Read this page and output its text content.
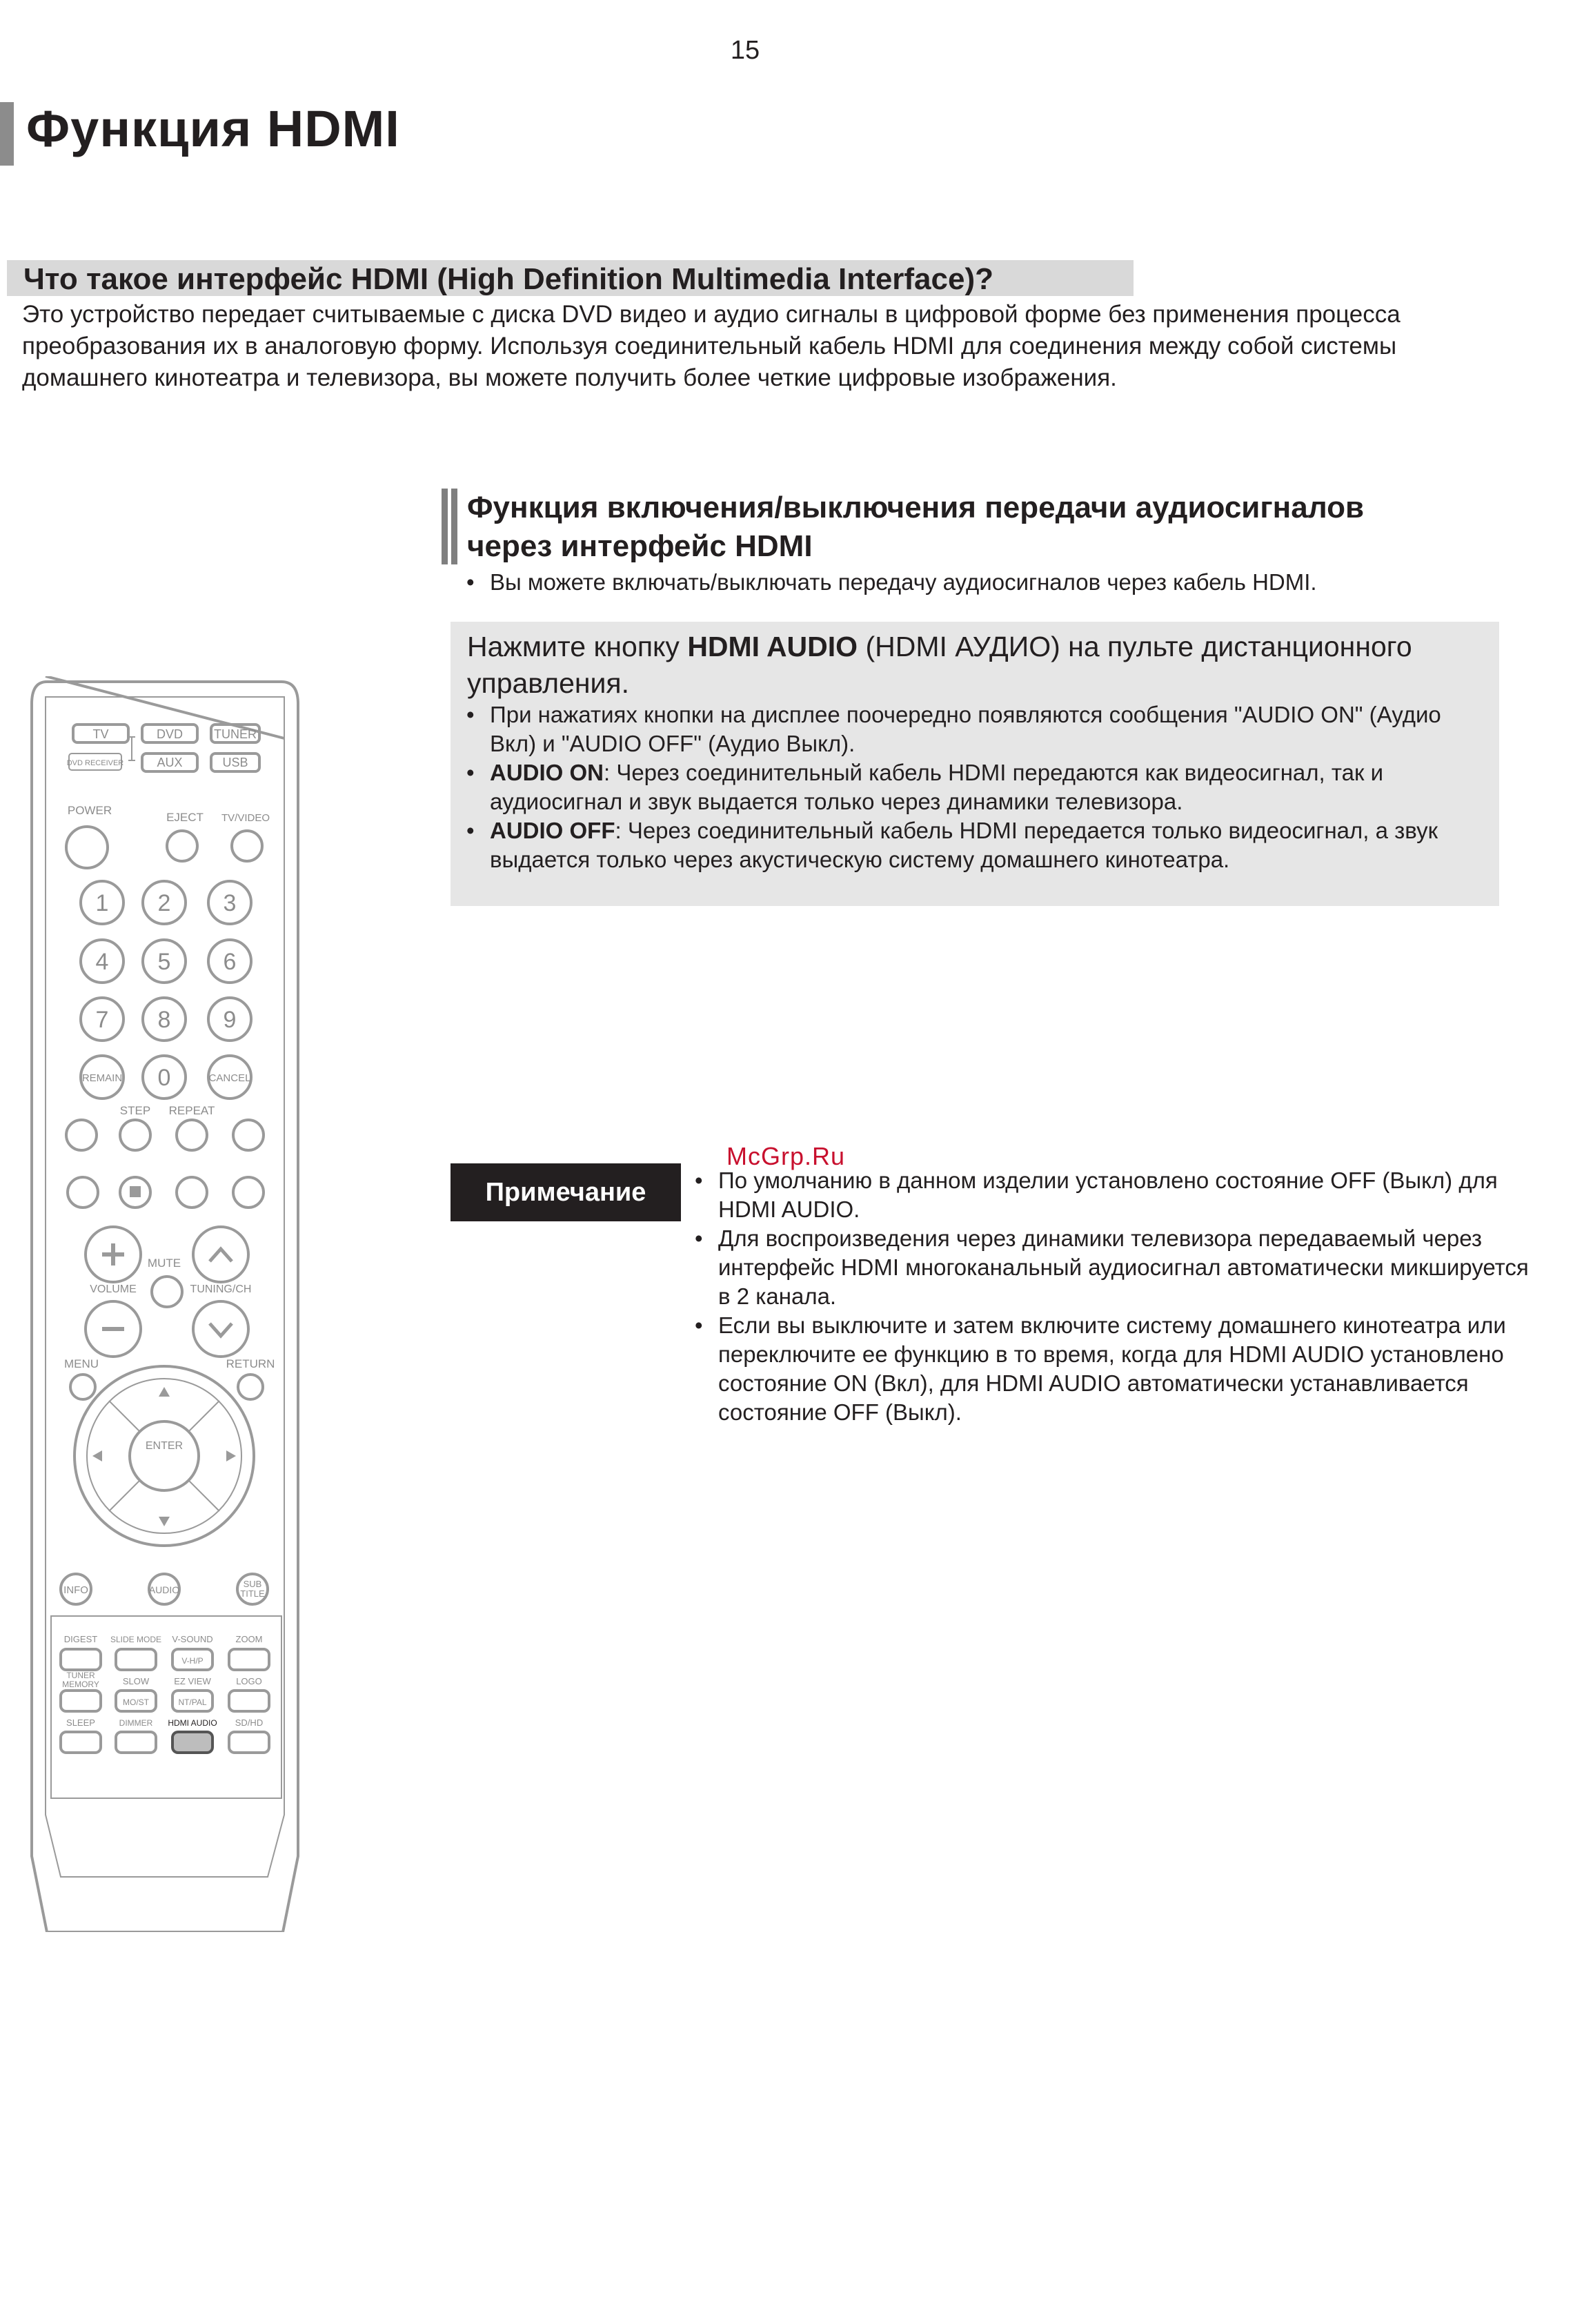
15
Функция HDMI
Что такое интерфейс HDMI (High Definition Multimedia Interface)?
Это устройство передает считываемые с диска DVD видео и аудио сигналы в цифровой форме без применения процесса преобразования их в аналоговую форму. Используя соединительный кабель HDMI для соединения между собой системы домашнего кинотеатра и телевизора, вы можете получить более четкие цифровые изображения.
Функция включения/выключения передачи аудиосигналов
через интерфейс HDMI
• Вы можете включать/выключать передачу аудиосигналов через кабель HDMI.
Нажмите кнопку HDMI AUDIO (HDMI АУДИО) на пульте дистанционного управления.
• При нажатиях кнопки на дисплее поочередно появляются сообщения "AUDIO ON" (Аудио Вкл) и "AUDIO OFF" (Аудио Выкл).
• AUDIO ON: Через соединительный кабель HDMI передаются как видеосигнал, так и аудиосигнал и звук выдается только через динамики телевизора.
• AUDIO OFF: Через соединительный кабель HDMI передается только видеосигнал, а звук выдается только через акустическую систему домашнего кинотеатра.
Примечание
McGrp.Ru
• По умолчанию в данном изделии установлено состояние OFF (Выкл) для HDMI AUDIO.
• Для воспроизведения через динамики телевизора передаваемый через интерфейс HDMI многоканальный аудиосигнал автоматически микшируется в 2 канала.
• Если вы выключите и затем включите систему домашнего кинотеатра или переключите ее функцию в то время, когда для HDMI AUDIO установлено состояние ON (Вкл), для HDMI AUDIO автоматически устанавливается состояние OFF (Выкл).
TV	DVD TUNER
DVD RECEIVER	AUX	USB
POWER
EJECT TV/VIDEO
1 2 3
4 5 6
7 8 9
REMAIN 0	CANCEL
STEP REPEAT
MUTE
VOLUME	TUNING/CH
MENU	RETURN
ENTER
INFO	AUDIO
SUB
TITLE
DIGEST SLIDE MODE V-SOUND	ZOOM
V-H/P
TUNER
MEMORY	SLOW	EZ VIEW	LOGO
MO/ST	NT/PAL
SLEEP	DIMMER HDMI AUDIO SD/HD
